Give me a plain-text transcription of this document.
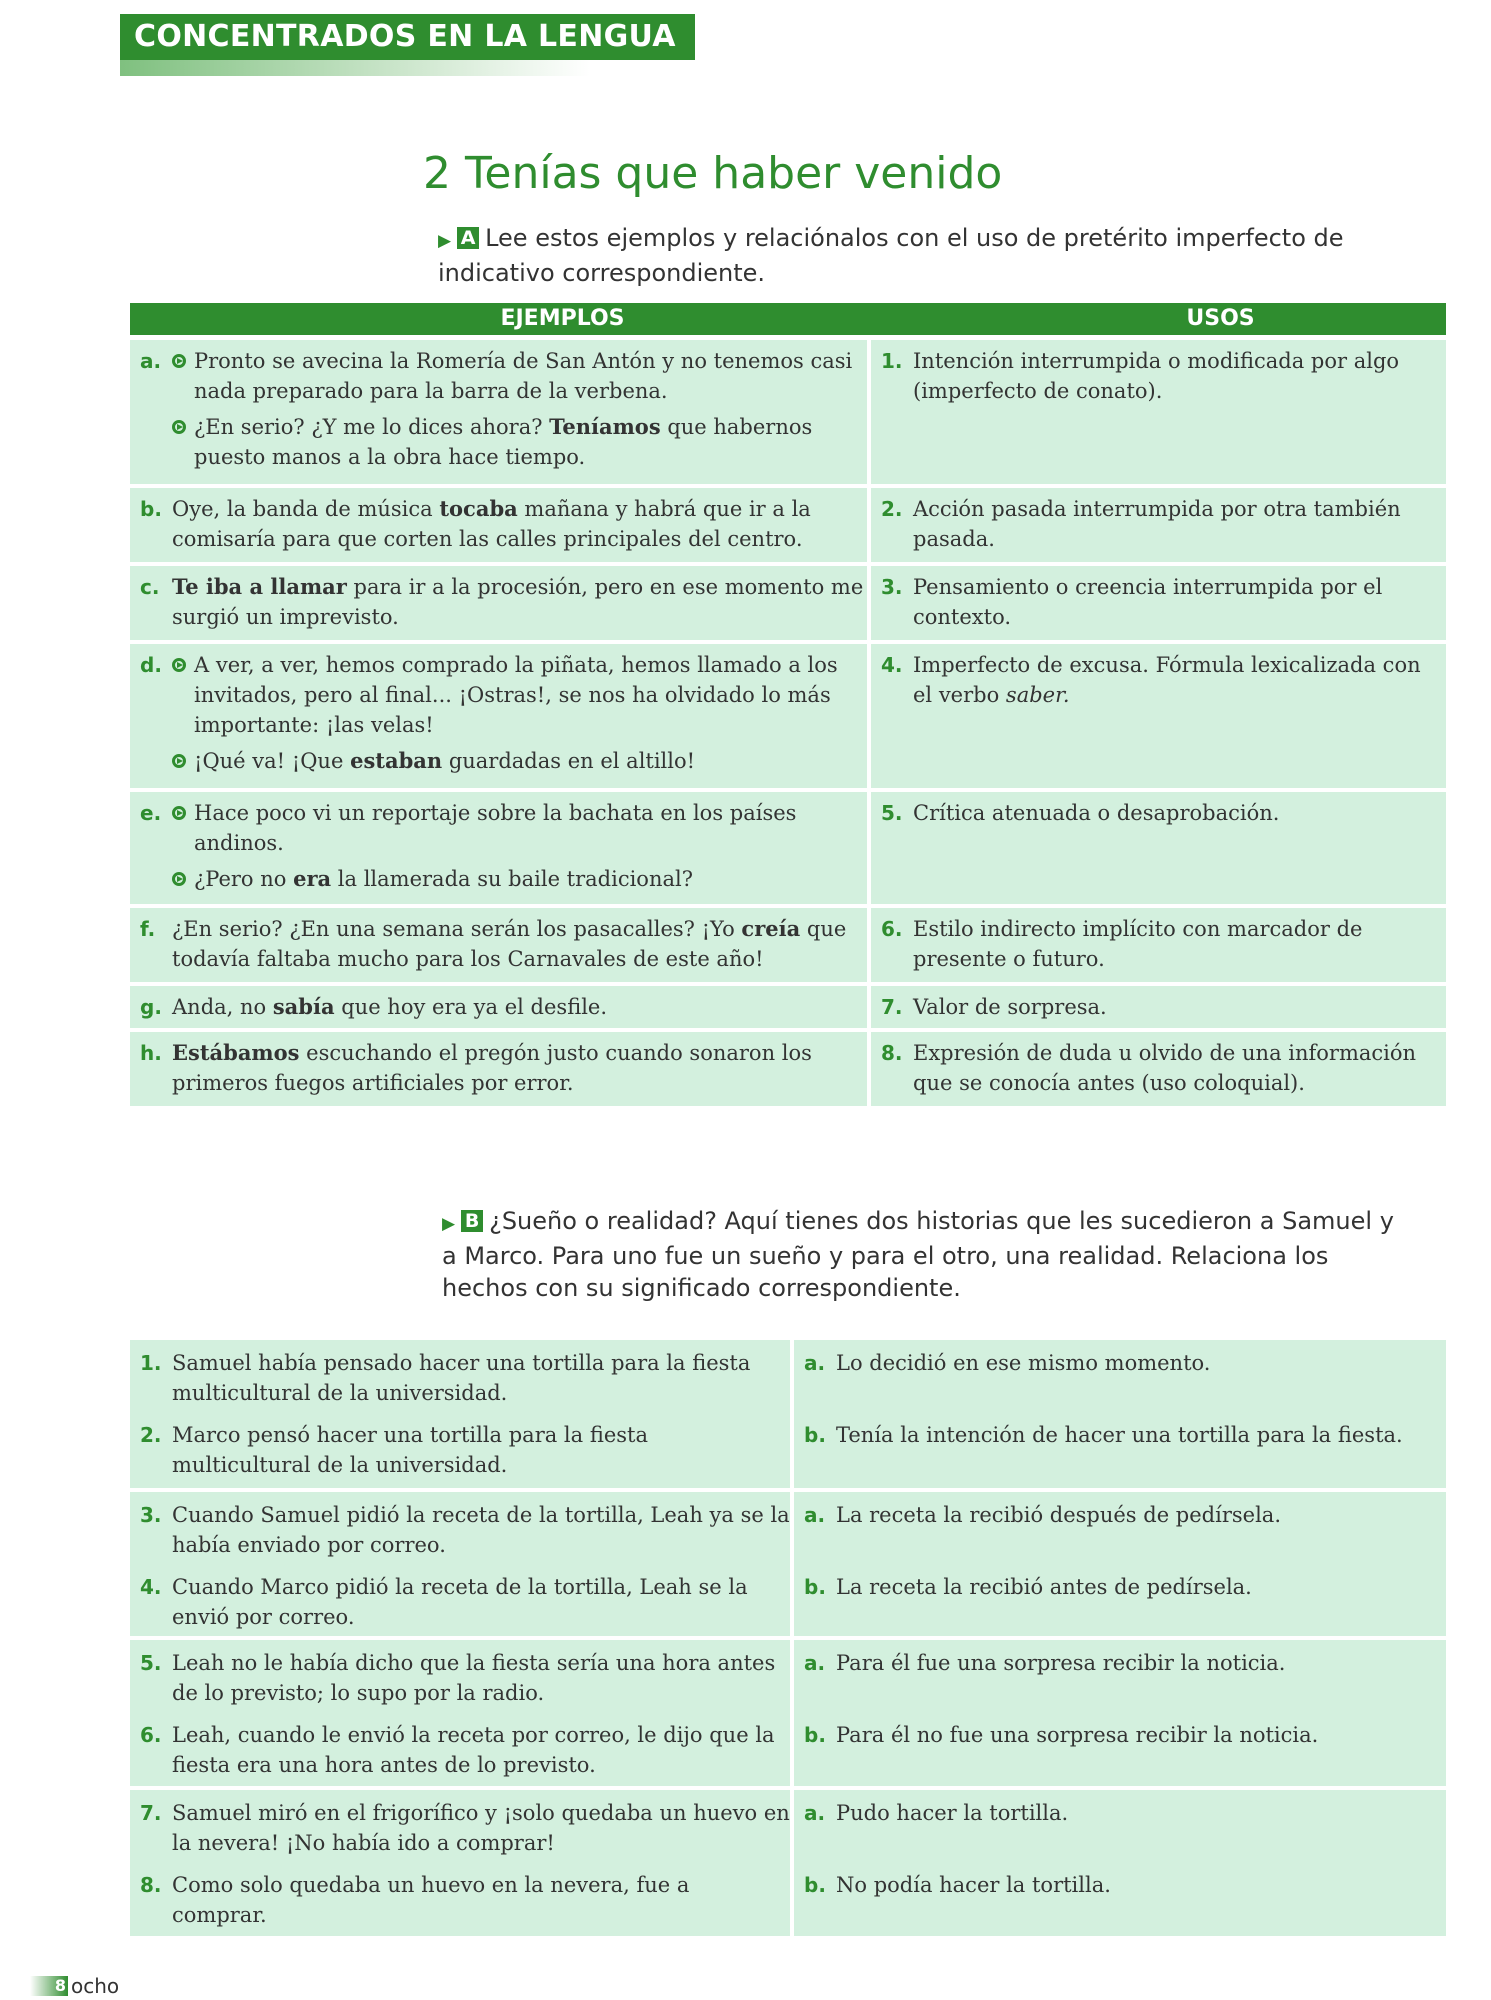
CONCENTRADOS EN LA LENGUA
2 Tenías que haber venido
▶ A Lee estos ejemplos y relaciónalos con el uso de pretérito imperfecto de indicativo correspondiente.
EJEMPLOS	USOS
a. Pronto se avecina la Romería de San Antón y no tenemos casi nada preparado para la barra de la verbena.
¿En serio? ¿Y me lo dices ahora? Teníamos que habernos puesto manos a la obra hace tiempo.
1. Intención interrumpida o modificada por algo (imperfecto de conato).
b. Oye, la banda de música tocaba mañana y habrá que ir a la comisaría para que corten las calles principales del centro.
2. Acción pasada interrumpida por otra también pasada.
c. Te iba a llamar para ir a la procesión, pero en ese momento me surgió un imprevisto.
3. Pensamiento o creencia interrumpida por el contexto.
d. A ver, a ver, hemos comprado la piñata, hemos llamado a los invitados, pero al final... ¡Ostras!, se nos ha olvidado lo más importante: ¡las velas!
¡Qué va! ¡Que estaban guardadas en el altillo!
4. Imperfecto de excusa. Fórmula lexicalizada con el verbo saber.
e. Hace poco vi un reportaje sobre la bachata en los países andinos.
¿Pero no era la llamerada su baile tradicional?
5. Crítica atenuada o desaprobación.
f. ¿En serio? ¿En una semana serán los pasacalles? ¡Yo creía que todavía faltaba mucho para los Carnavales de este año!
6. Estilo indirecto implícito con marcador de presente o futuro.
g. Anda, no sabía que hoy era ya el desfile.	7. Valor de sorpresa.
h. Estábamos escuchando el pregón justo cuando sonaron los primeros fuegos artificiales por error.
8. Expresión de duda u olvido de una información que se conocía antes (uso coloquial).
▶ B ¿Sueño o realidad? Aquí tienes dos historias que les sucedieron a Samuel y a Marco. Para uno fue un sueño y para el otro, una realidad. Relaciona los hechos con su significado correspondiente.
1. Samuel había pensado hacer una tortilla para la fiesta multicultural de la universidad.
2. Marco pensó hacer una tortilla para la fiesta multicultural de la universidad.
a. Lo decidió en ese mismo momento.
b. Tenía la intención de hacer una tortilla para la fiesta.
3. Cuando Samuel pidió la receta de la tortilla, Leah ya se la había enviado por correo.
4. Cuando Marco pidió la receta de la tortilla, Leah se la envió por correo.
a. La receta la recibió después de pedírsela.
b. La receta la recibió antes de pedírsela.
5. Leah no le había dicho que la fiesta sería una hora antes de lo previsto; lo supo por la radio.
6. Leah, cuando le envió la receta por correo, le dijo que la fiesta era una hora antes de lo previsto.
a. Para él fue una sorpresa recibir la noticia.
b. Para él no fue una sorpresa recibir la noticia.
7. Samuel miró en el frigorífico y ¡solo quedaba un huevo en la nevera! ¡No había ido a comprar!
8. Como solo quedaba un huevo en la nevera, fue a comprar.
a. Pudo hacer la tortilla.
b. No podía hacer la tortilla.
8 ocho
